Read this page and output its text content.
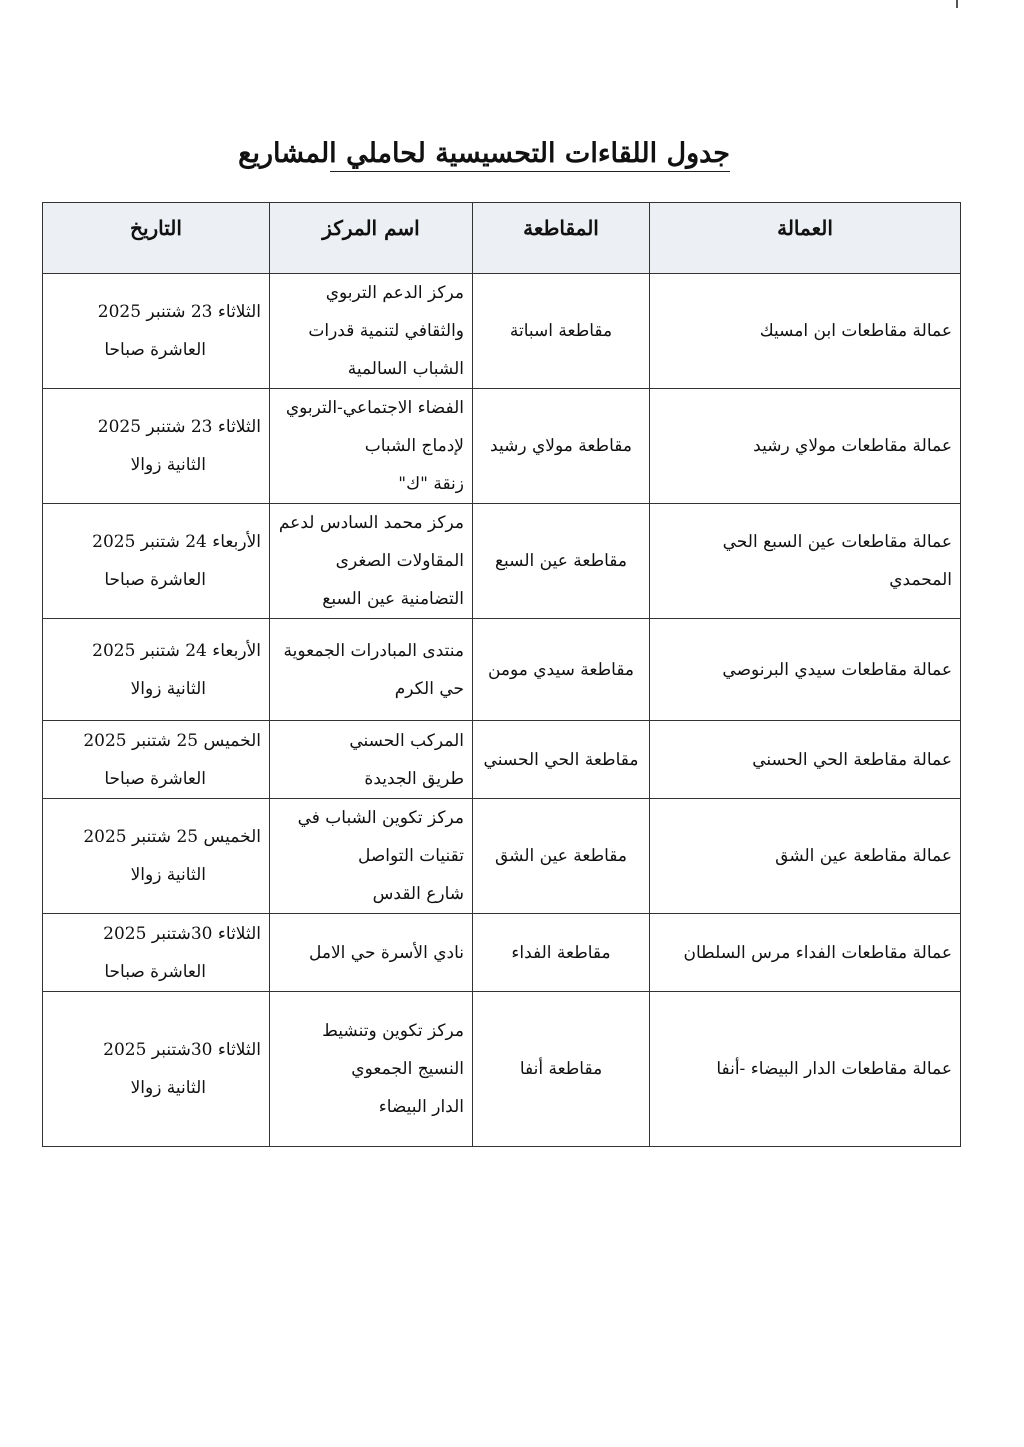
جدول اللقاءات التحسيسية لحاملي المشاريع
العمالة	المقاطعة	اسم المركز	التاريخ
عمالة مقاطعات ابن امسيك	مقاطعة اسباتة	مركز الدعم التربوي
والثقافي لتنمية قدرات
الشباب السالمية	الثلاثاء 23 شتنبر 2025
العاشرة صباحا

عمالة مقاطعات مولاي رشيد	مقاطعة مولاي رشيد	الفضاء الاجتماعي-التربوي
لإدماج الشباب
زنقة "ك"	الثلاثاء 23 شتنبر 2025
الثانية زوالا

عمالة مقاطعات عين السبع الحي المحمدي	مقاطعة عين السبع	مركز محمد السادس لدعم
المقاولات الصغرى
التضامنية عين السبع	الأربعاء 24 شتنبر 2025
العاشرة صباحا

عمالة مقاطعات سيدي البرنوصي	مقاطعة سيدي مومن	منتدى المبادرات الجمعوية
حي الكرم	الأربعاء 24 شتنبر 2025
الثانية زوالا

عمالة مقاطعة الحي الحسني	مقاطعة الحي الحسني	المركب الحسني
طريق الجديدة	الخميس 25 شتنبر 2025
العاشرة صباحا

عمالة مقاطعة عين الشق	مقاطعة عين الشق	مركز تكوين الشباب في
تقنيات التواصل
شارع القدس	الخميس 25 شتنبر 2025
الثانية زوالا

عمالة مقاطعات الفداء مرس السلطان	مقاطعة الفداء	نادي الأسرة حي الامل	الثلاثاء 30شتنبر 2025
العاشرة صباحا

عمالة مقاطعات الدار البيضاء -أنفا	مقاطعة أنفا	مركز تكوين وتنشيط
النسيج الجمعوي
الدار البيضاء	الثلاثاء 30شتنبر 2025
الثانية زوالا
